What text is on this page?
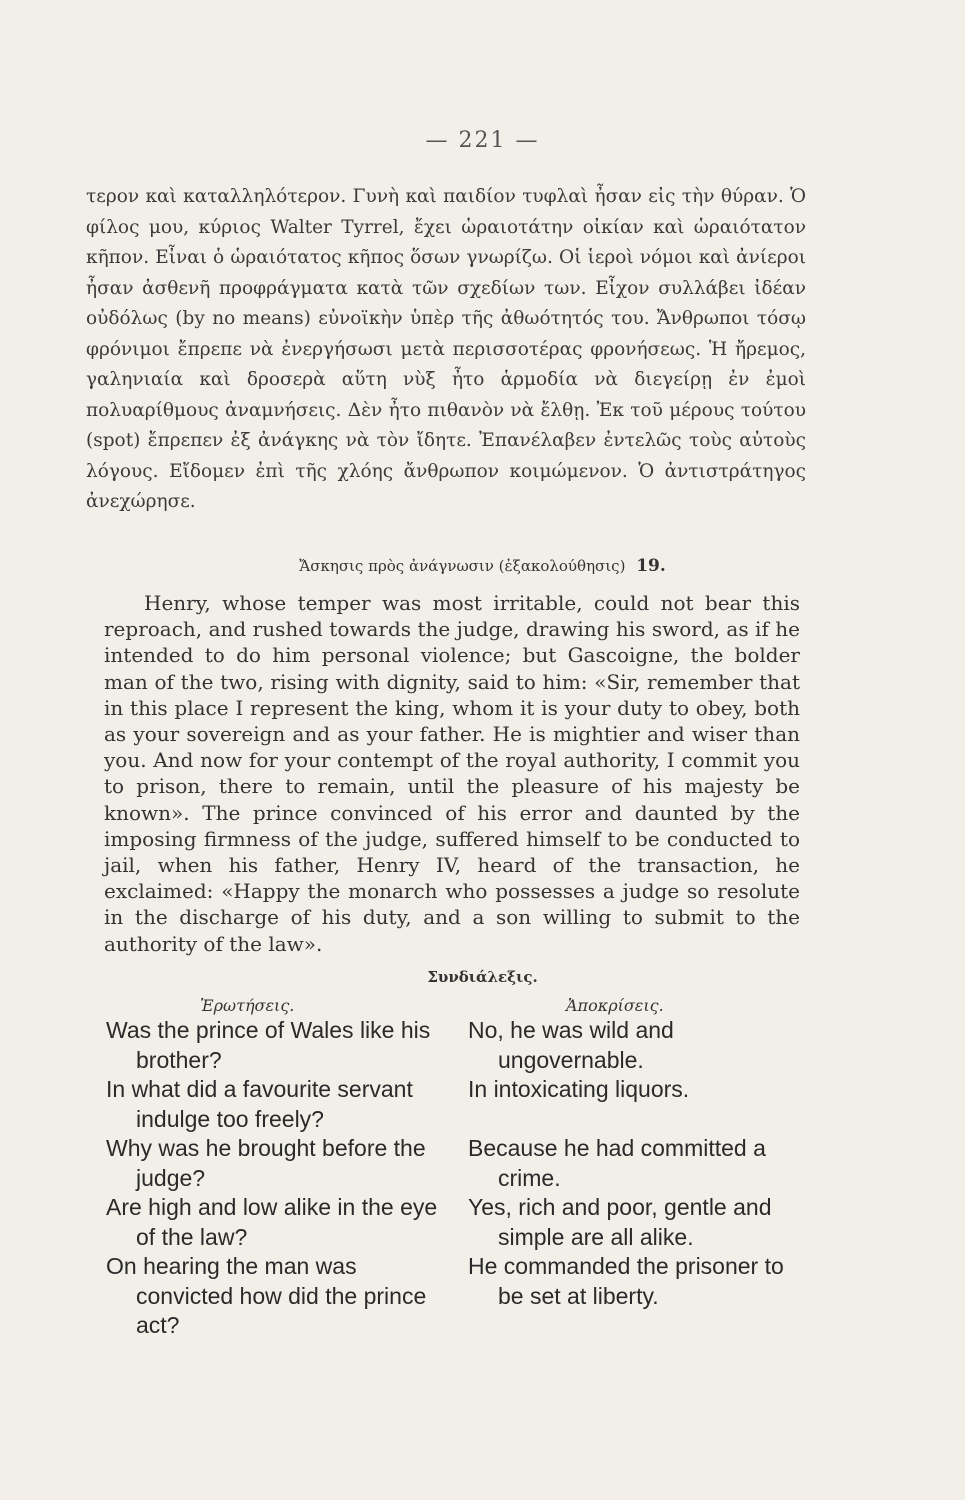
— 221 —
τερον καὶ καταλληλότερον. Γυνὴ καὶ παιδίον τυφλαὶ ἦσαν εἰς τὴν θύραν. Ὁ φίλος μου, κύριος Walter Tyrrel, ἔχει ὡραιοτάτην οἰκίαν καὶ ὡραιότατον κῆπον. Εἶναι ὁ ὡραιότατος κῆπος ὅσων γνωρίζω. Οἱ ἱεροὶ νόμοι καὶ ἀνίεροι ἦσαν ἀσθενῆ προφράγματα κατὰ τῶν σχεδίων των. Εἶχον συλλάβει ἰδέαν οὐδόλως (by no means) εὐνοϊκὴν ὑπὲρ τῆς ἀθωότητός του. Ἄνθρωποι τόσῳ φρόνιμοι ἔπρεπε νὰ ἐνεργήσωσι μετὰ περισσοτέρας φρονήσεως. Ἡ ἤρεμος, γαληνιαία καὶ δροσερὰ αὕτη νὺξ ἦτο ἁρμοδία νὰ διεγείρῃ ἐν ἐμοὶ πολυαρίθμους ἀναμνήσεις. Δὲν ἦτο πιθανὸν νὰ ἔλθῃ. Ἐκ τοῦ μέρους τούτου (spot) ἔπρεπεν ἐξ ἀνάγκης νὰ τὸν ἴδητε. Ἐπανέλαβεν ἐντελῶς τοὺς αὐτοὺς λόγους. Εἴδομεν ἐπὶ τῆς χλόης ἄνθρωπον κοιμώμενον. Ὁ ἀντιστράτηγος ἀνεχώρησε.
Ἄσκησις πρὸς ἀνάγνωσιν (ἐξακολούθησις) 19.
Henry, whose temper was most irritable, could not bear this reproach, and rushed towards the judge, drawing his sword, as if he intended to do him personal violence; but Gascoigne, the bolder man of the two, rising with dignity, said to him: «Sir, remember that in this place I represent the king, whom it is your duty to obey, both as your sovereign and as your father. He is mightier and wiser than you. And now for your contempt of the royal authority, I commit you to prison, there to remain, until the pleasure of his majesty be known». The prince convinced of his error and daunted by the imposing firmness of the judge, suffered himself to be conducted to jail, when his father, Henry IV, heard of the transaction, he exclaimed: «Happy the monarch who possesses a judge so resolute in the discharge of his duty, and a son willing to submit to the authority of the law».
Συνδιάλεξις.
Ἐρωτήσεις.	Ἀποκρίσεις.
Was the prince of Wales like his brother?
In what did a favourite servant indulge too freely?
Why was he brought before the judge?
Are high and low alike in the eye of the law?
On hearing the man was convicted how did the prince act?
No, he was wild and ungovernable.
In intoxicating liquors.
Because he had committed a crime.
Yes, rich and poor, gentle and simple are all alike.
He commanded the prisoner to be set at liberty.
